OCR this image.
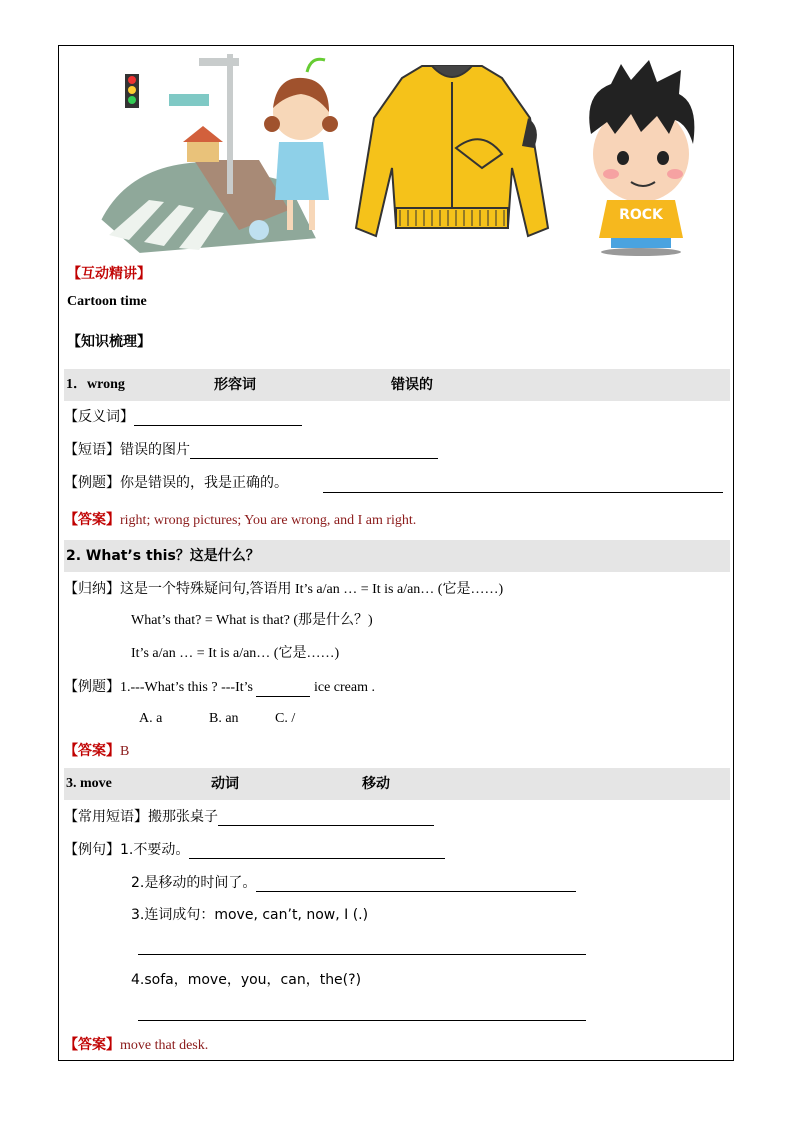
ROCK
【互动精讲】
Cartoon time
【知识梳理】
1．wrong	形容词	错误的
【反义词】
【短语】错误的图片
【例题】你是错误的，我是正确的。
【答案】right; wrong pictures; You are wrong, and I am right.
2. What’s this？这是什么？
【归纳】这是一个特殊疑问句,答语用 It’s a/an … = It is a/an… (它是……)
What’s that? = What is that? (那是什么？)
It’s a/an … = It is a/an… (它是……)
【例题】1.---What’s this ? ---It’s	ice cream .
A. a	B. an	C. /
【答案】B
3. move	动词	移动
【常用短语】搬那张桌子
【例句】1.不要动。
2.是移动的时间了。
3.连词成句：move, can’t, now, I (.)
4.sofa，move，you，can，the(?)
【答案】move that desk.
